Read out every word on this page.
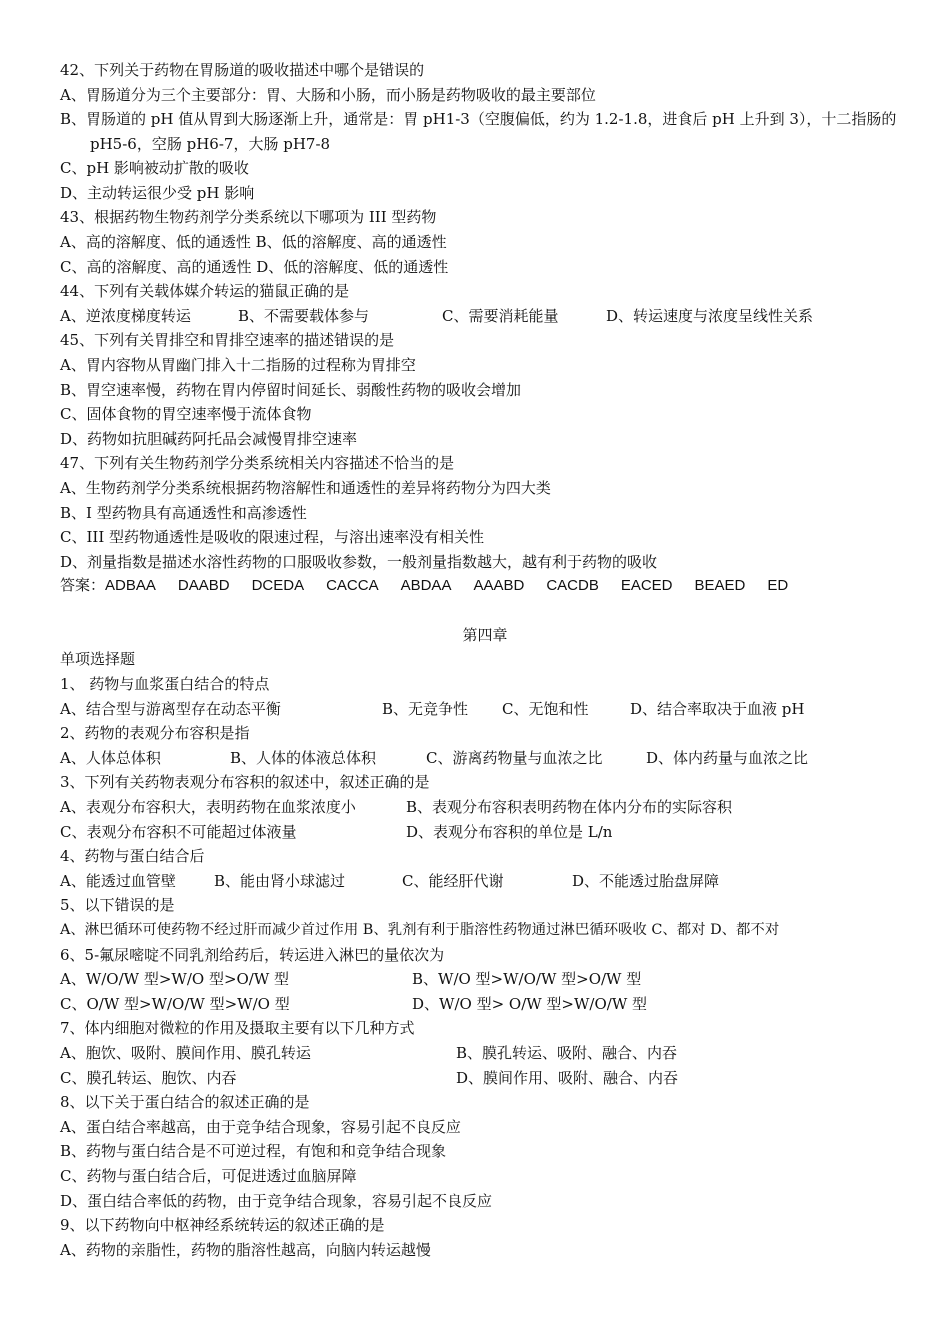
42、下列关于药物在胃肠道的吸收描述中哪个是错误的
A、胃肠道分为三个主要部分：胃、大肠和小肠，而小肠是药物吸收的最主要部位
B、胃肠道的 pH 值从胃到大肠逐渐上升，通常是：胃 pH1-3（空腹偏低，约为 1.2-1.8，进食后 pH 上升到 3），十二指肠的 pH5-6，空肠 pH6-7，大肠 pH7-8
C、pH 影响被动扩散的吸收
D、主动转运很少受 pH 影响
43、根据药物生物药剂学分类系统以下哪项为 III 型药物
A、高的溶解度、低的通透性 B、低的溶解度、高的通透性
C、高的溶解度、高的通透性 D、低的溶解度、低的通透性
44、下列有关载体媒介转运的猫鼠正确的是
A、逆浓度梯度转运	B、不需要载体参与	C、需要消耗能量	D、转运速度与浓度呈线性关系
45、下列有关胃排空和胃排空速率的描述错误的是
A、胃内容物从胃幽门排入十二指肠的过程称为胃排空
B、胃空速率慢，药物在胃内停留时间延长、弱酸性药物的吸收会增加
C、固体食物的胃空速率慢于流体食物
D、药物如抗胆碱药阿托品会减慢胃排空速率
47、下列有关生物药剂学分类系统相关内容描述不恰当的是
A、生物药剂学分类系统根据药物溶解性和通透性的差异将药物分为四大类
B、I 型药物具有高通透性和高渗透性
C、III 型药物通透性是吸收的限速过程，与溶出速率没有相关性
D、剂量指数是描述水溶性药物的口服吸收参数，一般剂量指数越大，越有利于药物的吸收
答案： ADBAA DAABD DCEDA CACCA ABDAA AAABD CACDB EACED BEAED ED
第四章
单项选择题
1、 药物与血浆蛋白结合的特点
A、结合型与游离型存在动态平衡	B、无竞争性	C、无饱和性	D、结合率取决于血液 pH
2、药物的表观分布容积是指
A、人体总体积	B、人体的体液总体积	C、游离药物量与血浓之比	D、体内药量与血浓之比
3、下列有关药物表观分布容积的叙述中，叙述正确的是
A、表观分布容积大，表明药物在血浆浓度小	B、表观分布容积表明药物在体内分布的实际容积
C、表观分布容积不可能超过体液量	D、表观分布容积的单位是 L/n
4、药物与蛋白结合后
A、能透过血管壁	B、能由肾小球滤过	C、能经肝代谢	D、不能透过胎盘屏障
5、以下错误的是
A、淋巴循环可使药物不经过肝而减少首过作用 B、乳剂有利于脂溶性药物通过淋巴循环吸收 C、都对 D、都不对
6、5-氟尿嘧啶不同乳剂给药后，转运进入淋巴的量依次为
A、W/O/W 型>W/O 型>O/W 型	B、W/O 型>W/O/W 型>O/W 型
C、O/W 型>W/O/W 型>W/O 型	D、W/O 型> O/W 型>W/O/W 型
7、体内细胞对微粒的作用及摄取主要有以下几种方式
A、胞饮、吸附、膜间作用、膜孔转运	B、膜孔转运、吸附、融合、内吞
C、膜孔转运、胞饮、内吞	D、膜间作用、吸附、融合、内吞
8、以下关于蛋白结合的叙述正确的是
A、蛋白结合率越高，由于竞争结合现象，容易引起不良反应
B、药物与蛋白结合是不可逆过程，有饱和和竞争结合现象
C、药物与蛋白结合后，可促进透过血脑屏障
D、蛋白结合率低的药物，由于竞争结合现象，容易引起不良反应
9、以下药物向中枢神经系统转运的叙述正确的是
A、药物的亲脂性，药物的脂溶性越高，向脑内转运越慢
